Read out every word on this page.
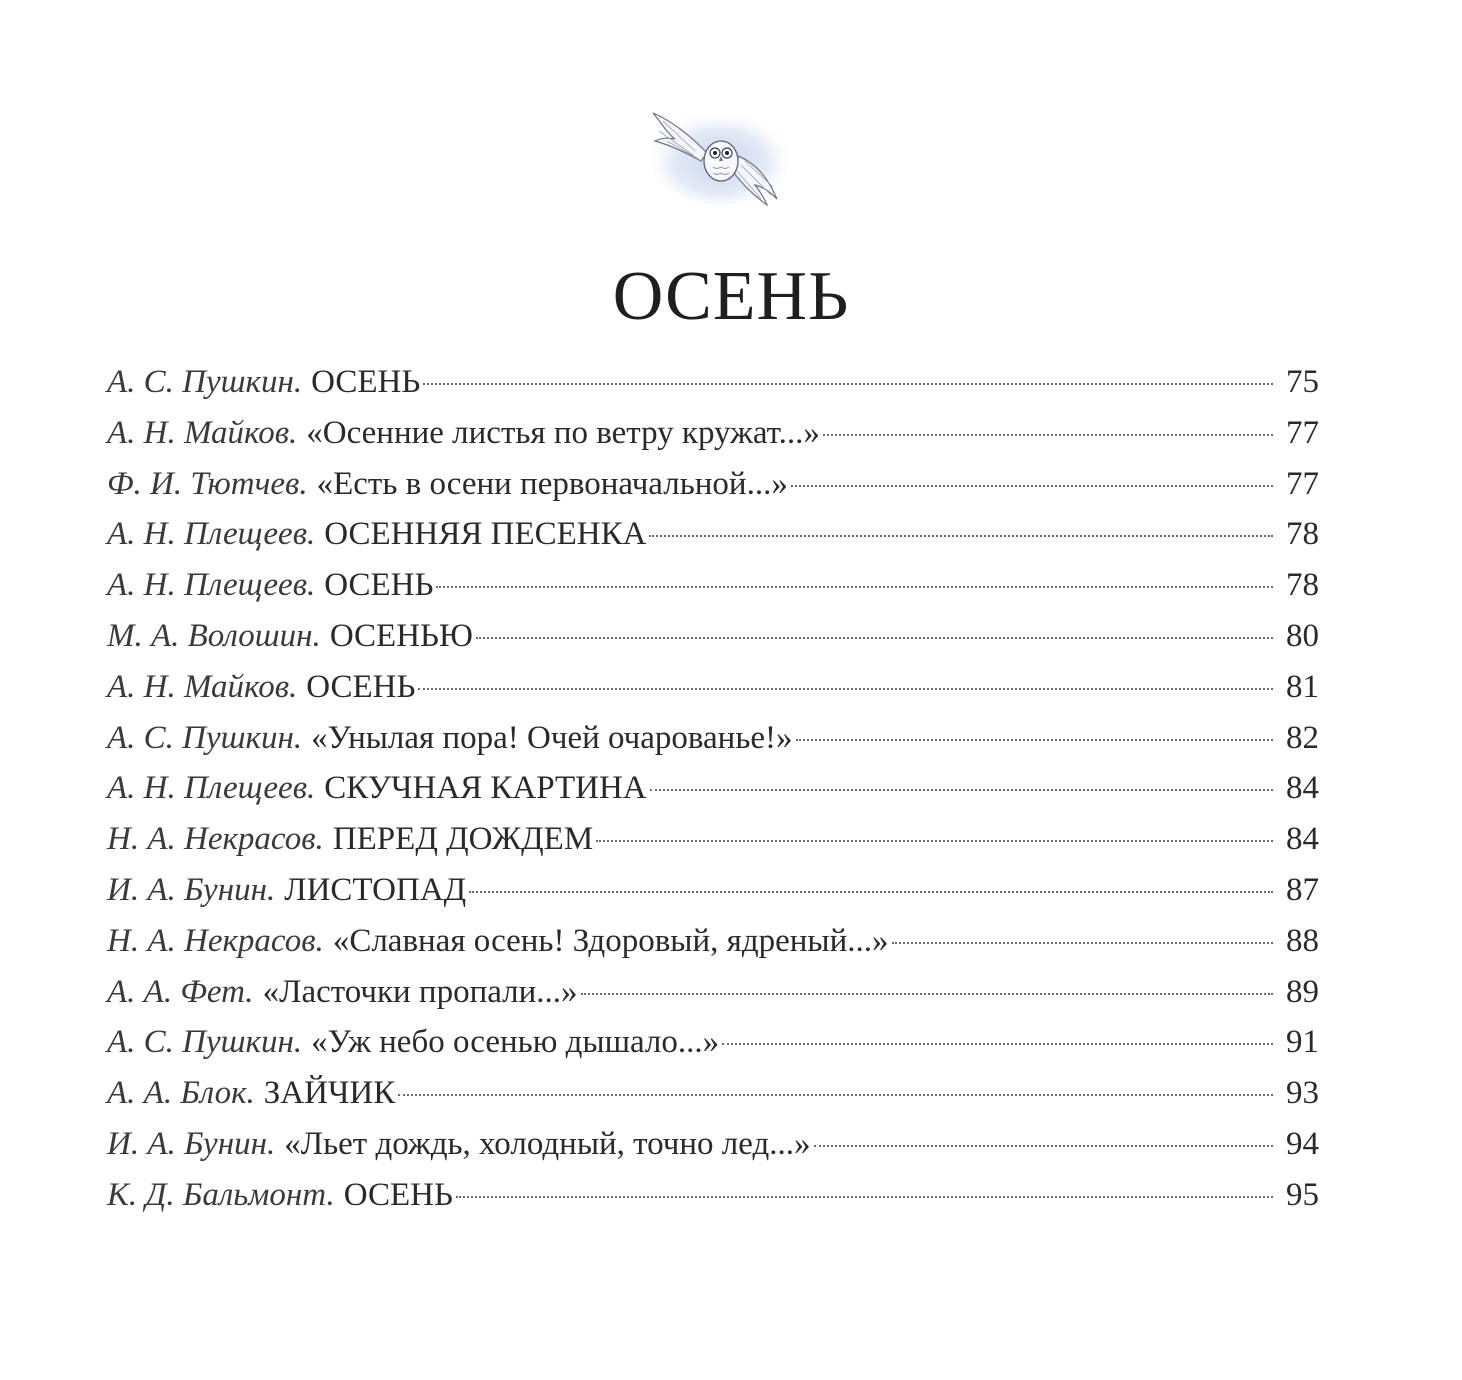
ОСЕНЬ
А. С. Пушкин. ОСЕНЬ	75
А. Н. Майков. «Осенние листья по ветру кружат...»	77
Ф. И. Тютчев. «Есть в осени первоначальной...»	77
А. Н. Плещеев. ОСЕННЯЯ ПЕСЕНКА	78
А. Н. Плещеев. ОСЕНЬ	78
М. А. Волошин. ОСЕНЬЮ	80
А. Н. Майков. ОСЕНЬ	81
А. С. Пушкин. «Унылая пора! Очей очарованье!»	82
А. Н. Плещеев. СКУЧНАЯ КАРТИНА	84
Н. А. Некрасов. ПЕРЕД ДОЖДЕМ	84
И. А. Бунин. ЛИСТОПАД	87
Н. А. Некрасов. «Славная осень! Здоровый, ядреный...»	88
А. А. Фет. «Ласточки пропали...»	89
А. С. Пушкин. «Уж небо осенью дышало...»	91
А. А. Блок. ЗАЙЧИК	93
И. А. Бунин. «Льет дождь, холодный, точно лед...»	94
К. Д. Бальмонт. ОСЕНЬ	95
